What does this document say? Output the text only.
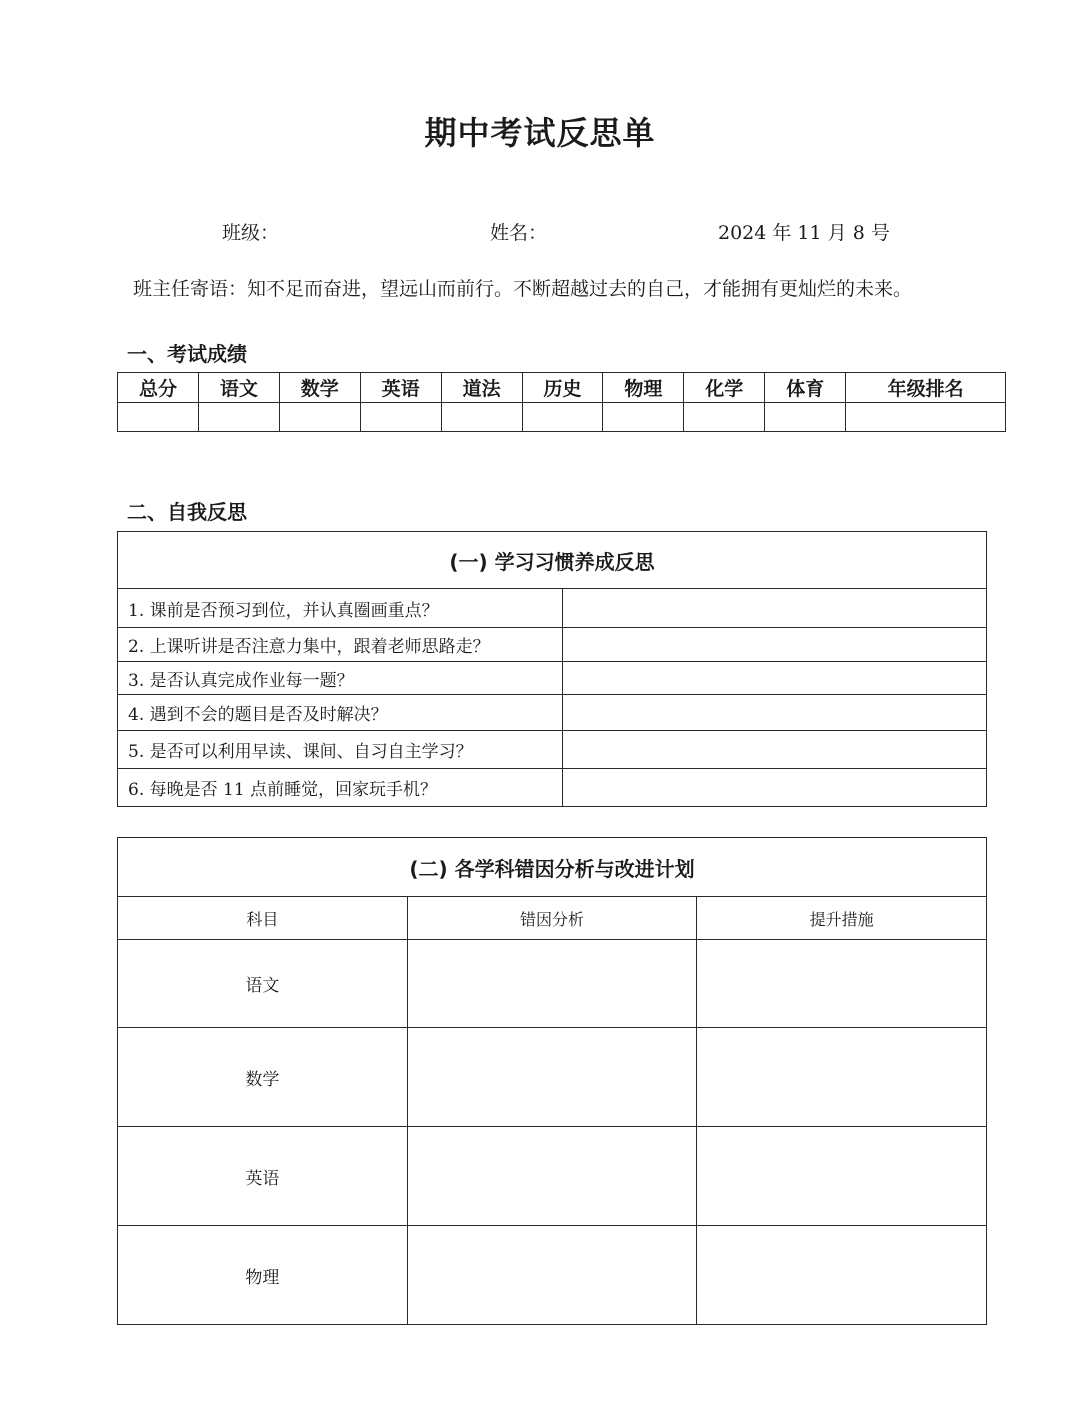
期中考试反思单
班级：	姓名：	2024 年 11 月 8 号
班主任寄语：知不足而奋进，望远山而前行。不断超越过去的自己，才能拥有更灿烂的未来。
一、考试成绩
总分	语文	数学	英语	道法	历史	物理	化学	体育	年级排名

二、自我反思
(一) 学习习惯养成反思	
1. 课前是否预习到位，并认真圈画重点？	
2. 上课听讲是否注意力集中，跟着老师思路走？	
3. 是否认真完成作业每一题？	
4. 遇到不会的题目是否及时解决？	
5. 是否可以利用早读、课间、自习自主学习？	
6. 每晚是否 11 点前睡觉，回家玩手机？	
(二) 各学科错因分析与改进计划		
科目	错因分析	提升措施
语文		
数学		
英语		
物理		
